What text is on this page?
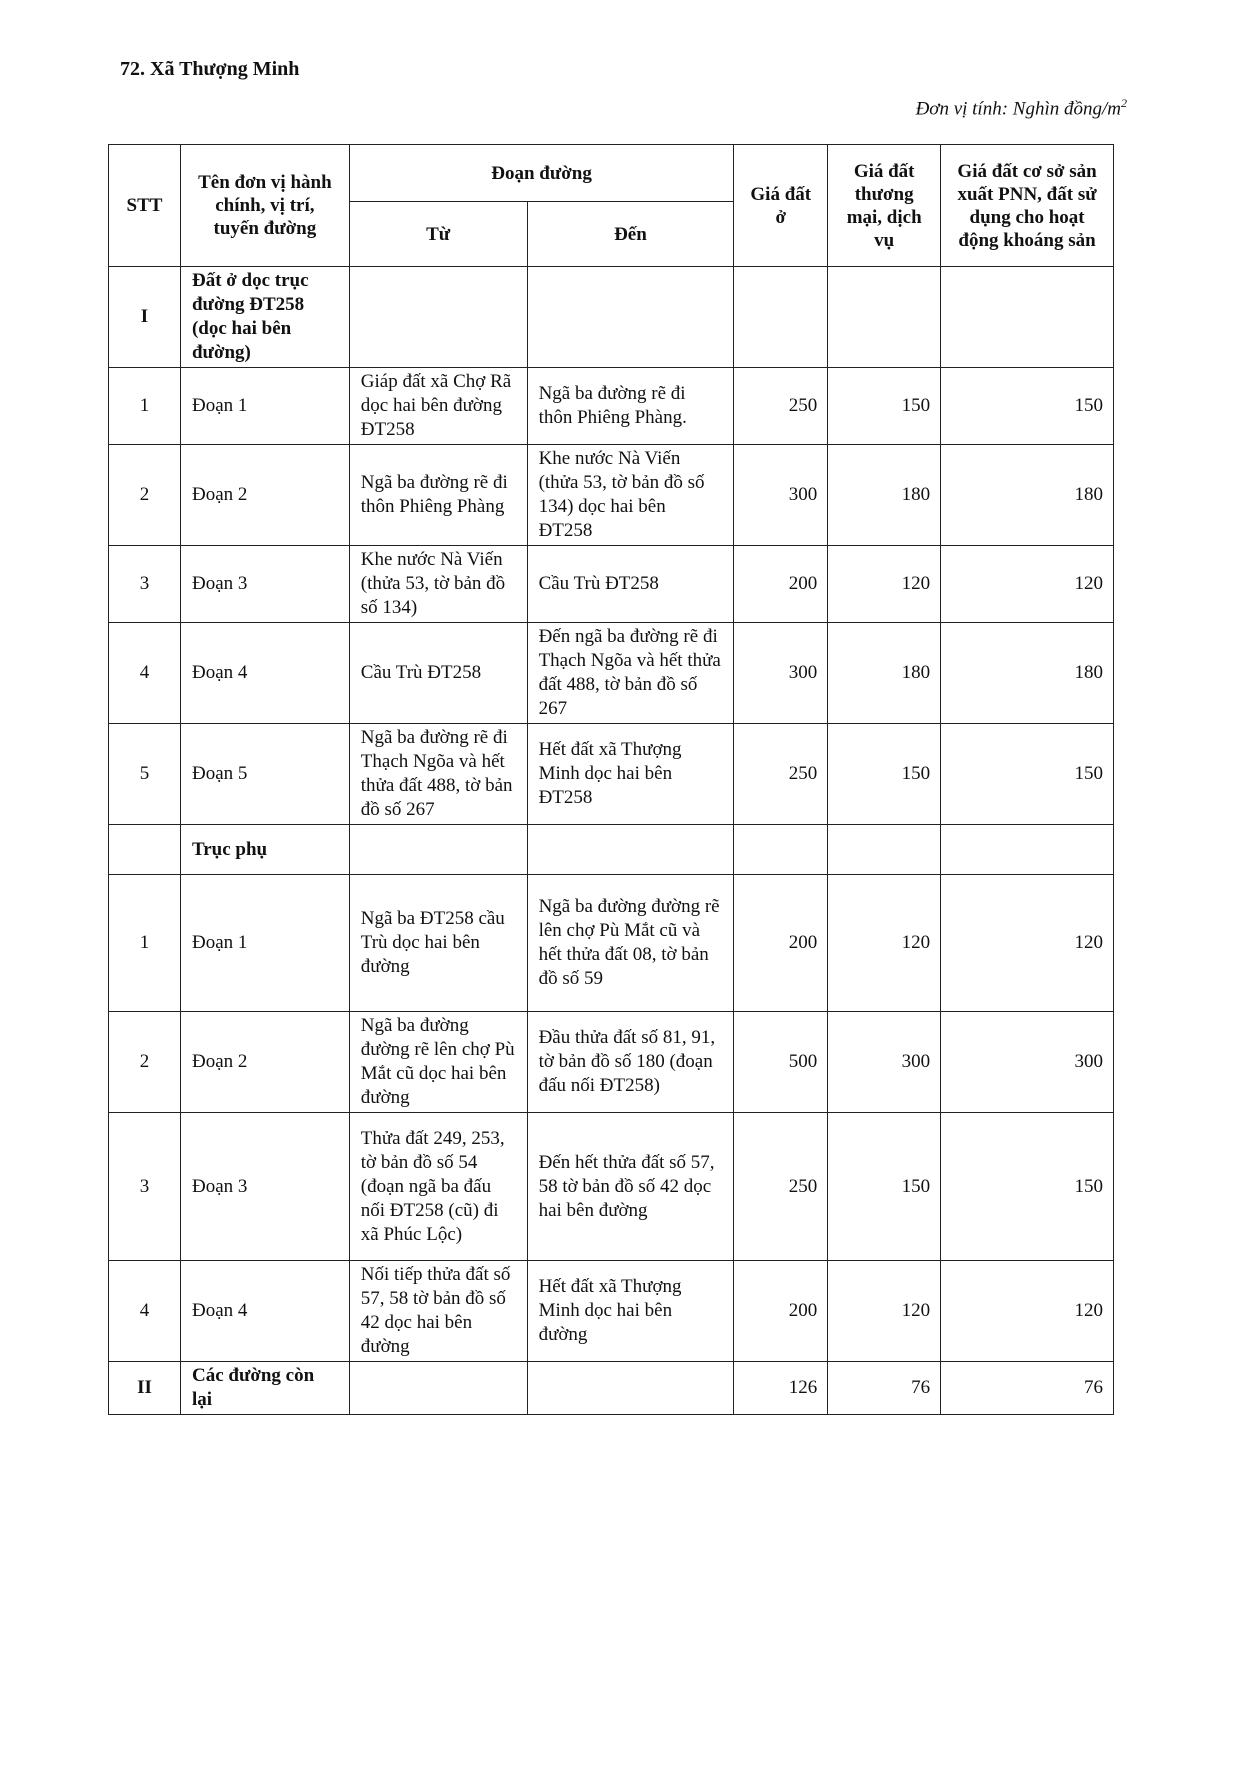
72. Xã Thượng Minh
Đơn vị tính: Nghìn đồng/$m^2$
STT	Tên đơn vị hành chính, vị trí, tuyến đường	Đoạn đường		Giá đất ở	Giá đất thương mại, dịch vụ	Giá đất cơ sở sản xuất PNN, đất sử dụng cho hoạt động khoáng sản
		Từ	Đến			
I	Đất ở dọc trục đường ĐT258 (dọc hai bên đường)					
1	Đoạn 1	Giáp đất xã Chợ Rã dọc hai bên đường ĐT258	Ngã ba đường rẽ đi thôn Phiêng Phàng.	250	150	150
2	Đoạn 2	Ngã ba đường rẽ đi thôn Phiêng Phàng	Khe nước Nà Viến (thửa 53, tờ bản đồ số 134) dọc hai bên ĐT258	300	180	180
3	Đoạn 3	Khe nước Nà Viến (thửa 53, tờ bản đồ số 134)	Cầu Trù ĐT258	200	120	120
4	Đoạn 4	Cầu Trù ĐT258	Đến ngã ba đường rẽ đi Thạch Ngõa và hết thửa đất 488, tờ bản đồ số 267	300	180	180
5	Đoạn 5	Ngã ba đường rẽ đi Thạch Ngõa và hết thửa đất 488, tờ bản đồ số 267	Hết đất xã Thượng Minh dọc hai bên ĐT258	250	150	150
	Trục phụ					
1	Đoạn 1	Ngã ba ĐT258 cầu Trù dọc hai bên đường	Ngã ba đường đường rẽ lên chợ Pù Mắt cũ và hết thửa đất 08, tờ bản đồ số 59	200	120	120
2	Đoạn 2	Ngã ba đường đường rẽ lên chợ Pù Mắt cũ dọc hai bên đường	Đầu thửa đất số 81, 91, tờ bản đồ số 180 (đoạn đấu nối ĐT258)	500	300	300
3	Đoạn 3	Thửa đất 249, 253, tờ bản đồ số 54 (đoạn ngã ba đấu nối ĐT258 (cũ) đi xã Phúc Lộc)	Đến hết thửa đất số 57, 58 tờ bản đồ số 42 dọc hai bên đường	250	150	150
4	Đoạn 4	Nối tiếp thửa đất số 57, 58 tờ bản đồ số 42 dọc hai bên đường	Hết đất xã Thượng Minh dọc hai bên đường	200	120	120
II	Các đường còn lại			126	76	76
